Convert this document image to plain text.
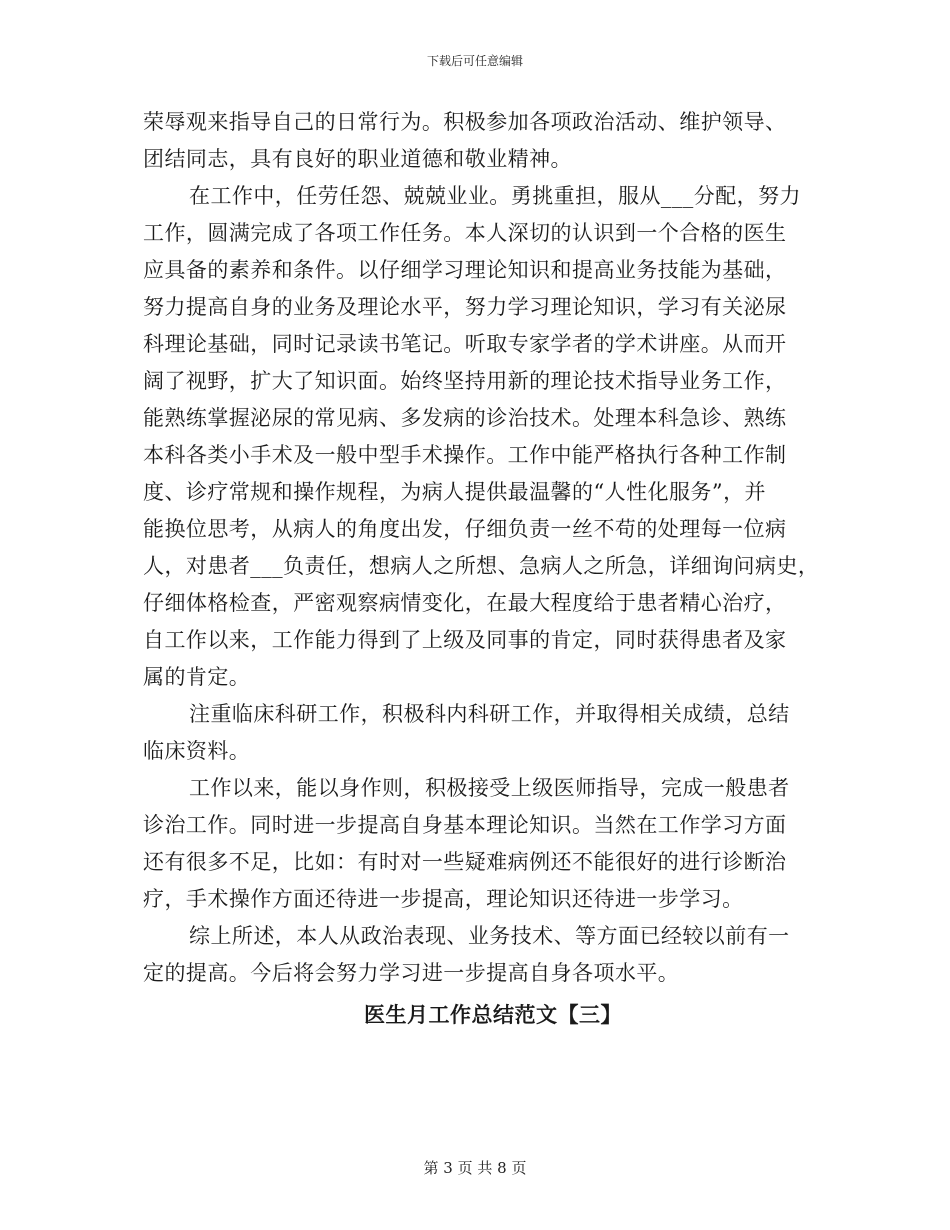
下载后可任意编辑
荣辱观来指导自己的日常行为。积极参加各项政治活动、维护领导、
团结同志，具有良好的职业道德和敬业精神。
在工作中，任劳任怨、兢兢业业。勇挑重担，服从___分配，努力
工作，圆满完成了各项工作任务。本人深切的认识到一个合格的医生
应具备的素养和条件。以仔细学习理论知识和提高业务技能为基础，
努力提高自身的业务及理论水平，努力学习理论知识，学习有关泌尿
科理论基础，同时记录读书笔记。听取专家学者的学术讲座。从而开
阔了视野，扩大了知识面。始终坚持用新的理论技术指导业务工作，
能熟练掌握泌尿的常见病、多发病的诊治技术。处理本科急诊、熟练
本科各类小手术及一般中型手术操作。工作中能严格执行各种工作制
度、诊疗常规和操作规程，为病人提供最温馨的“人性化服务”，并
能换位思考，从病人的角度出发，仔细负责一丝不苟的处理每一位病
人，对患者___负责任，想病人之所想、急病人之所急，详细询问病史，
仔细体格检查，严密观察病情变化，在最大程度给于患者精心治疗，
自工作以来，工作能力得到了上级及同事的肯定，同时获得患者及家
属的肯定。
注重临床科研工作，积极科内科研工作，并取得相关成绩，总结
临床资料。
工作以来，能以身作则，积极接受上级医师指导，完成一般患者
诊治工作。同时进一步提高自身基本理论知识。当然在工作学习方面
还有很多不足，比如：有时对一些疑难病例还不能很好的进行诊断治
疗，手术操作方面还待进一步提高，理论知识还待进一步学习。
综上所述，本人从政治表现、业务技术、等方面已经较以前有一
定的提高。今后将会努力学习进一步提高自身各项水平。
医生月工作总结范文【三】
第 3 页 共 8 页
